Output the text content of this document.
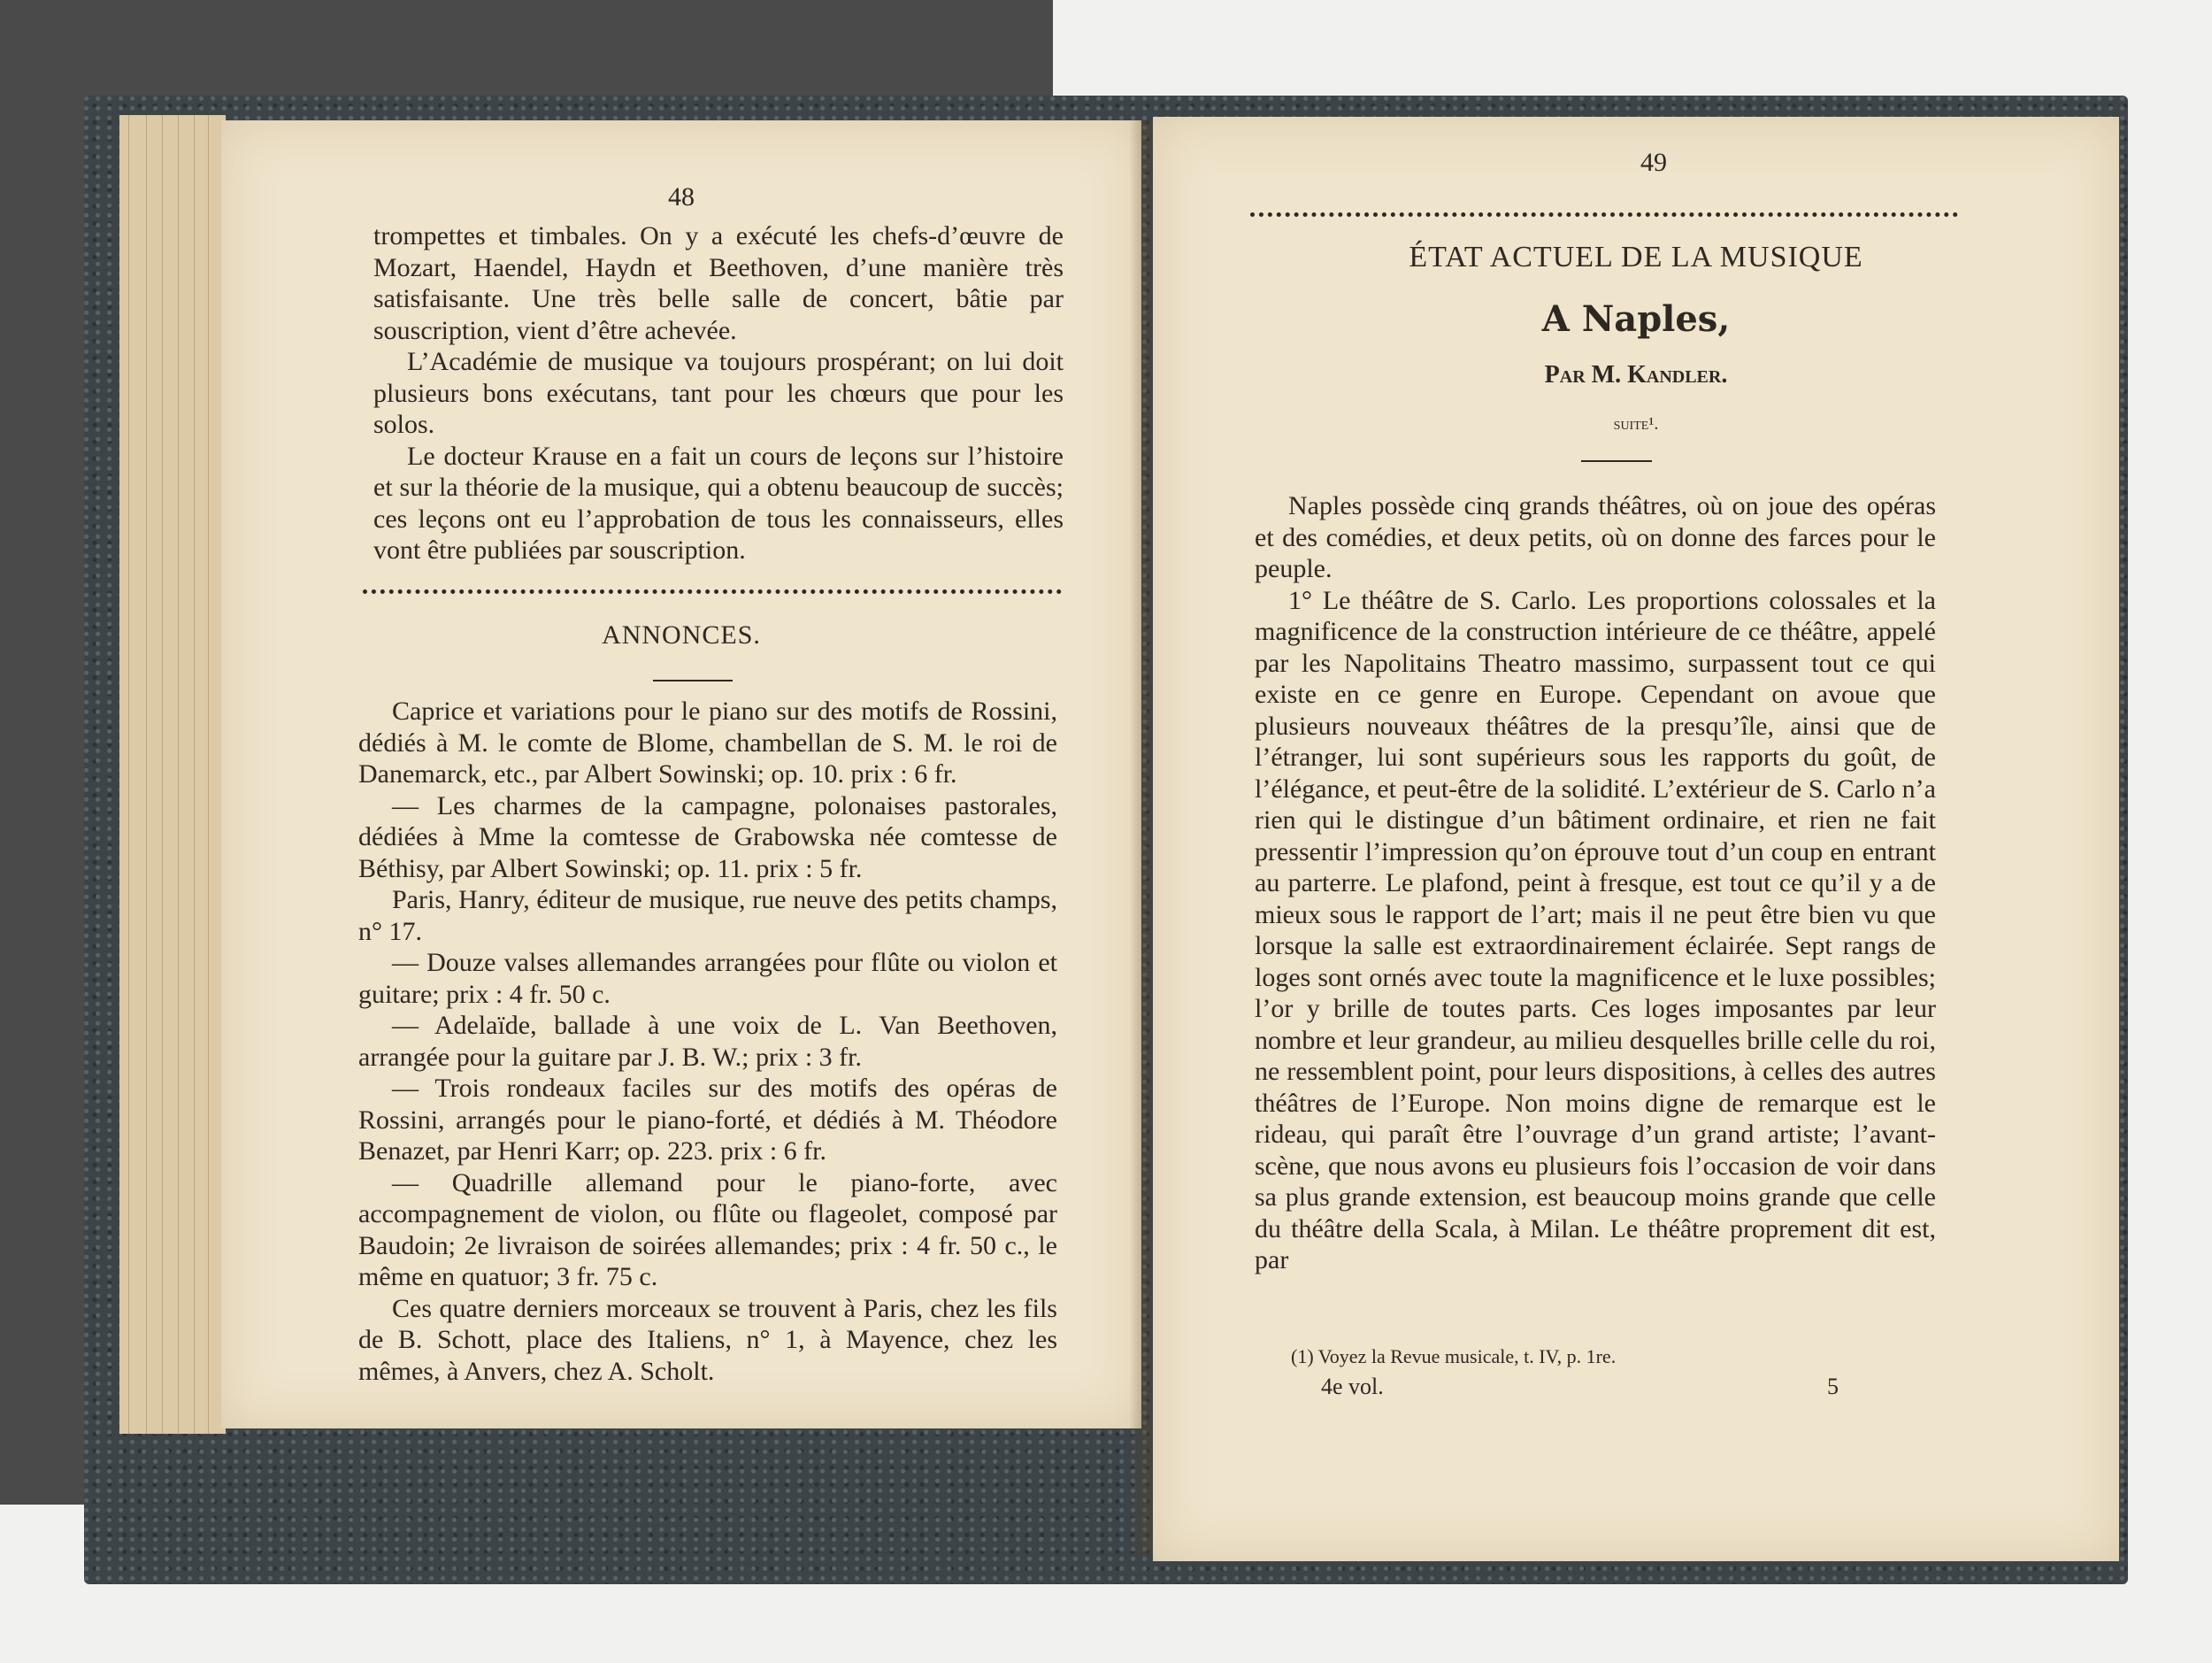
48

trompettes et timbales. On y a exécuté les chefs-d’œuvre de Mozart, Haendel, Haydn et Beethoven, d’une manière très satisfaisante. Une très belle salle de concert, bâtie par souscription, vient d’être achevée.

L’Académie de musique va toujours prospérant; on lui doit plusieurs bons exécutans, tant pour les chœurs que pour les solos.

Le docteur Krause en a fait un cours de leçons sur l’histoire et sur la théorie de la musique, qui a obtenu beaucoup de succès; ces leçons ont eu l’approbation de tous les connaisseurs, elles vont être publiées par souscription.

ANNONCES.

Caprice et variations pour le piano sur des motifs de Rossini, dédiés à M. le comte de Blome, chambellan de S. M. le roi de Danemarck, etc., par Albert Sowinski; op. 10. prix : 6 fr.

— Les charmes de la campagne, polonaises pastorales, dédiées à Mme la comtesse de Grabowska née comtesse de Béthisy, par Albert Sowinski; op. 11. prix : 5 fr.

Paris, Hanry, éditeur de musique, rue neuve des petits champs, n° 17.

— Douze valses allemandes arrangées pour flûte ou violon et guitare; prix : 4 fr. 50 c.

— Adelaïde, ballade à une voix de L. Van Beethoven, arrangée pour la guitare par J. B. W.; prix : 3 fr.

— Trois rondeaux faciles sur des motifs des opéras de Rossini, arrangés pour le piano-forté, et dédiés à M. Théodore Benazet, par Henri Karr; op. 223. prix : 6 fr.

— Quadrille allemand pour le piano-forte, avec accompagnement de violon, ou flûte ou flageolet, composé par Baudoin; 2e livraison de soirées allemandes; prix : 4 fr. 50 c., le même en quatuor; 3 fr. 75 c.

Ces quatre derniers morceaux se trouvent à Paris, chez les fils de B. Schott, place des Italiens, n° 1, à Mayence, chez les mêmes, à Anvers, chez A. Scholt.

49
ÉTAT ACTUEL DE LA MUSIQUE
A Naples,
Par M. Kandler.
suite¹.

Naples possède cinq grands théâtres, où on joue des opéras et des comédies, et deux petits, où on donne des farces pour le peuple.

1° Le théâtre de S. Carlo. Les proportions colossales et la magnificence de la construction intérieure de ce théâtre, appelé par les Napolitains Theatro massimo, surpassent tout ce qui existe en ce genre en Europe. Cependant on avoue que plusieurs nouveaux théâtres de la presqu’île, ainsi que de l’étranger, lui sont supérieurs sous les rapports du goût, de l’élégance, et peut-être de la solidité. L’extérieur de S. Carlo n’a rien qui le distingue d’un bâtiment ordinaire, et rien ne fait pressentir l’impression qu’on éprouve tout d’un coup en entrant au parterre. Le plafond, peint à fresque, est tout ce qu’il y a de mieux sous le rapport de l’art; mais il ne peut être bien vu que lorsque la salle est extraordinairement éclairée. Sept rangs de loges sont ornés avec toute la magnificence et le luxe possibles; l’or y brille de toutes parts. Ces loges imposantes par leur nombre et leur grandeur, au milieu desquelles brille celle du roi, ne ressemblent point, pour leurs dispositions, à celles des autres théâtres de l’Europe. Non moins digne de remarque est le rideau, qui paraît être l’ouvrage d’un grand artiste; l’avant-scène, que nous avons eu plusieurs fois l’occasion de voir dans sa plus grande extension, est beaucoup moins grande que celle du théâtre della Scala, à Milan. Le théâtre proprement dit est, par

(1) Voyez la Revue musicale, t. IV, p. 1re.
4e vol.	5
